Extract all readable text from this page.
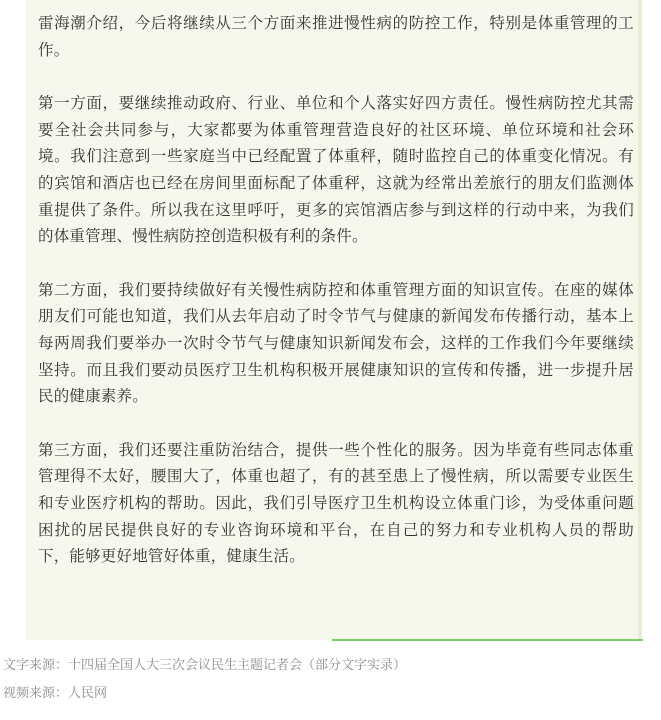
雷海潮介绍，今后将继续从三个方面来推进慢性病的防控工作，特别是体重管理的工作。

第一方面，要继续推动政府、行业、单位和个人落实好四方责任。慢性病防控尤其需要全社会共同参与，大家都要为体重管理营造良好的社区环境、单位环境和社会环境。我们注意到一些家庭当中已经配置了体重秤，随时监控自己的体重变化情况。有的宾馆和酒店也已经在房间里面标配了体重秤，这就为经常出差旅行的朋友们监测体重提供了条件。所以我在这里呼吁，更多的宾馆酒店参与到这样的行动中来，为我们的体重管理、慢性病防控创造积极有利的条件。

第二方面，我们要持续做好有关慢性病防控和体重管理方面的知识宣传。在座的媒体朋友们可能也知道，我们从去年启动了时令节气与健康的新闻发布传播行动，基本上每两周我们要举办一次时令节气与健康知识新闻发布会，这样的工作我们今年要继续坚持。而且我们要动员医疗卫生机构积极开展健康知识的宣传和传播，进一步提升居民的健康素养。

第三方面，我们还要注重防治结合，提供一些个性化的服务。因为毕竟有些同志体重管理得不太好，腰围大了，体重也超了，有的甚至患上了慢性病，所以需要专业医生和专业医疗机构的帮助。因此，我们引导医疗卫生机构设立体重门诊，为受体重问题困扰的居民提供良好的专业咨询环境和平台，在自己的努力和专业机构人员的帮助下，能够更好地管好体重，健康生活。

文字来源：十四届全国人大三次会议民生主题记者会（部分文字实录）
视频来源：人民网
